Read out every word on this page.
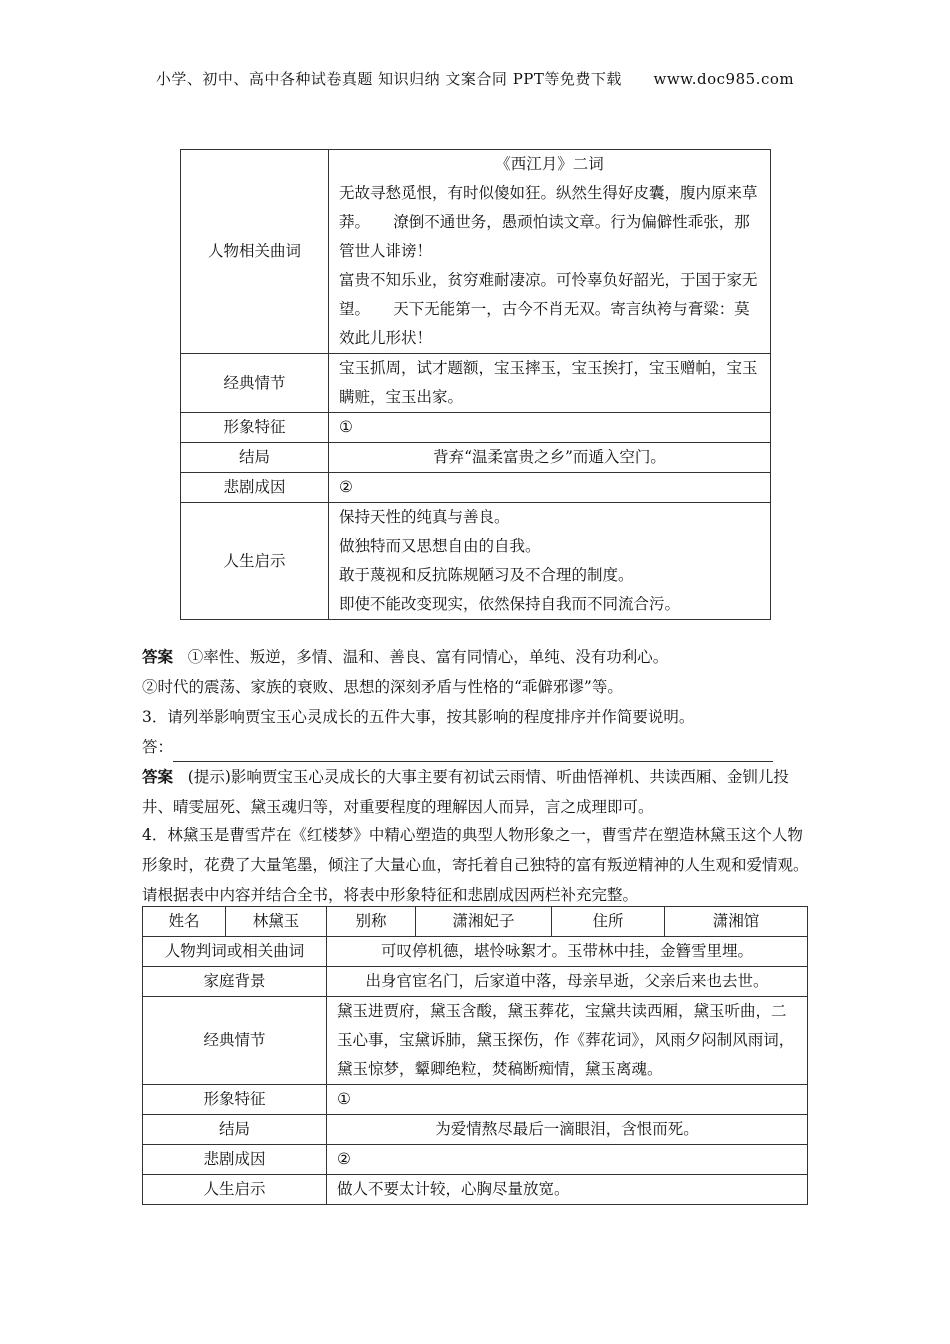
小学、初中、高中各种试卷真题 知识归纳 文案合同 PPT等免费下载 www.doc985.com
人物相关曲词	《西江月》二词
无故寻愁觅恨，有时似傻如狂。纵然生得好皮囊，腹内原来草莽。　　潦倒不通世务，愚顽怕读文章。行为偏僻性乖张，那管世人诽谤！
富贵不知乐业，贫穷难耐凄凉。可怜辜负好韶光，于国于家无望。　　天下无能第一，古今不肖无双。寄言纨袴与膏粱：莫效此儿形状！

经典情节	宝玉抓周，试才题额，宝玉摔玉，宝玉挨打，宝玉赠帕，宝玉瞒赃，宝玉出家。
形象特征	①
结局	背弃“温柔富贵之乡”而遁入空门。
悲剧成因	②
人生启示	保持天性的纯真与善良。
做独特而又思想自由的自我。
敢于蔑视和反抗陈规陋习及不合理的制度。
即使不能改变现实，依然保持自我而不同流合污。
答案 ①率性、叛逆，多情、温和、善良、富有同情心，单纯、没有功利心。
②时代的震荡、家族的衰败、思想的深刻矛盾与性格的“乖僻邪谬”等。
3．请列举影响贾宝玉心灵成长的五件大事，按其影响的程度排序并作简要说明。
答：
答案 (提示)影响贾宝玉心灵成长的大事主要有初试云雨情、听曲悟禅机、共读西厢、金钏儿投井、晴雯屈死、黛玉魂归等，对重要程度的理解因人而异，言之成理即可。
4．林黛玉是曹雪芹在《红楼梦》中精心塑造的典型人物形象之一，曹雪芹在塑造林黛玉这个人物形象时，花费了大量笔墨，倾注了大量心血，寄托着自己独特的富有叛逆精神的人生观和爱情观。请根据表中内容并结合全书，将表中形象特征和悲剧成因两栏补充完整。
姓名	林黛玉	别称	潇湘妃子	住所	潇湘馆
人物判词或相关曲词		可叹停机德，堪怜咏絮才。玉带林中挂，金簪雪里埋。			
家庭背景		出身官宦名门，后家道中落，母亲早逝，父亲后来也去世。			
经典情节		黛玉进贾府，黛玉含酸，黛玉葬花，宝黛共读西厢，黛玉听曲，二玉心事，宝黛诉肺，黛玉探伤，作《葬花词》，风雨夕闷制风雨词，黛玉惊梦，颦卿绝粒，焚稿断痴情，黛玉离魂。			
形象特征		①			
结局		为爱情熬尽最后一滴眼泪，含恨而死。			
悲剧成因		②			
人生启示		做人不要太计较，心胸尽量放宽。			
